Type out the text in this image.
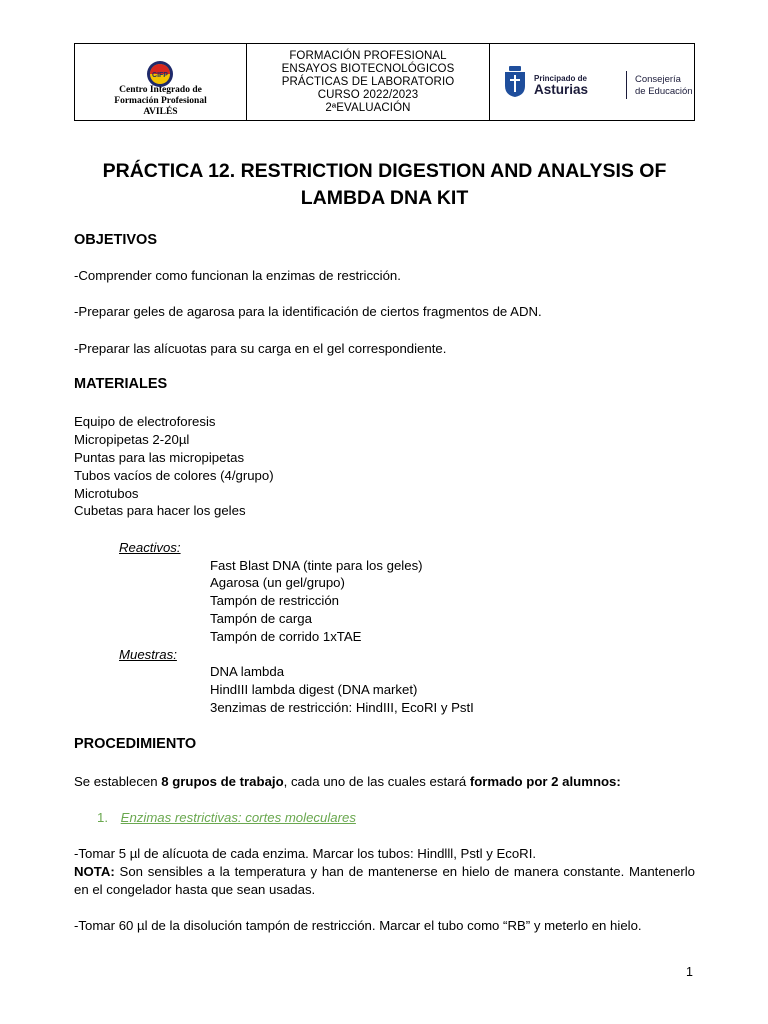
CIFP
Centro Integrado de
Formación Profesional
AVILÉS
FORMACIÓN PROFESIONAL
ENSAYOS BIOTECNOLÓGICOS
PRÁCTICAS DE LABORATORIO
CURSO 2022/2023
2ªEVALUACIÓN
Principado de
Asturias
Consejería
de Educación
PRÁCTICA 12. RESTRICTION DIGESTION AND ANALYSIS OF
LAMBDA DNA KIT
OBJETIVOS
-Comprender como funcionan la enzimas de restricción.
-Preparar geles de agarosa para la identificación de ciertos fragmentos de ADN.
-Preparar las alícuotas para su carga en el gel correspondiente.
MATERIALES
Equipo de electroforesis
Micropipetas 2-20µl
Puntas para las micropipetas
Tubos vacíos de colores (4/grupo)
Microtubos
Cubetas para hacer los geles
Reactivos:
Fast Blast DNA (tinte para los geles)
Agarosa (un gel/grupo)
Tampón de restricción
Tampón de carga
Tampón de corrido 1xTAE
Muestras:
DNA lambda
HindIII lambda digest (DNA market)
3enzimas de restricción: HindIII, EcoRI y PstI
PROCEDIMIENTO
Se establecen 8 grupos de trabajo, cada uno de las cuales estará formado por 2 alumnos:
1. Enzimas restrictivas: cortes moleculares
-Tomar 5 µl de alícuota de cada enzima. Marcar los tubos: Hindlll, Pstl y EcoRI.
NOTA: Son sensibles a la temperatura y han de mantenerse en hielo de manera constante. Mantenerlo en el congelador hasta que sean usadas.
-Tomar 60 µl de la disolución tampón de restricción. Marcar el tubo como “RB” y meterlo en hielo.
1
